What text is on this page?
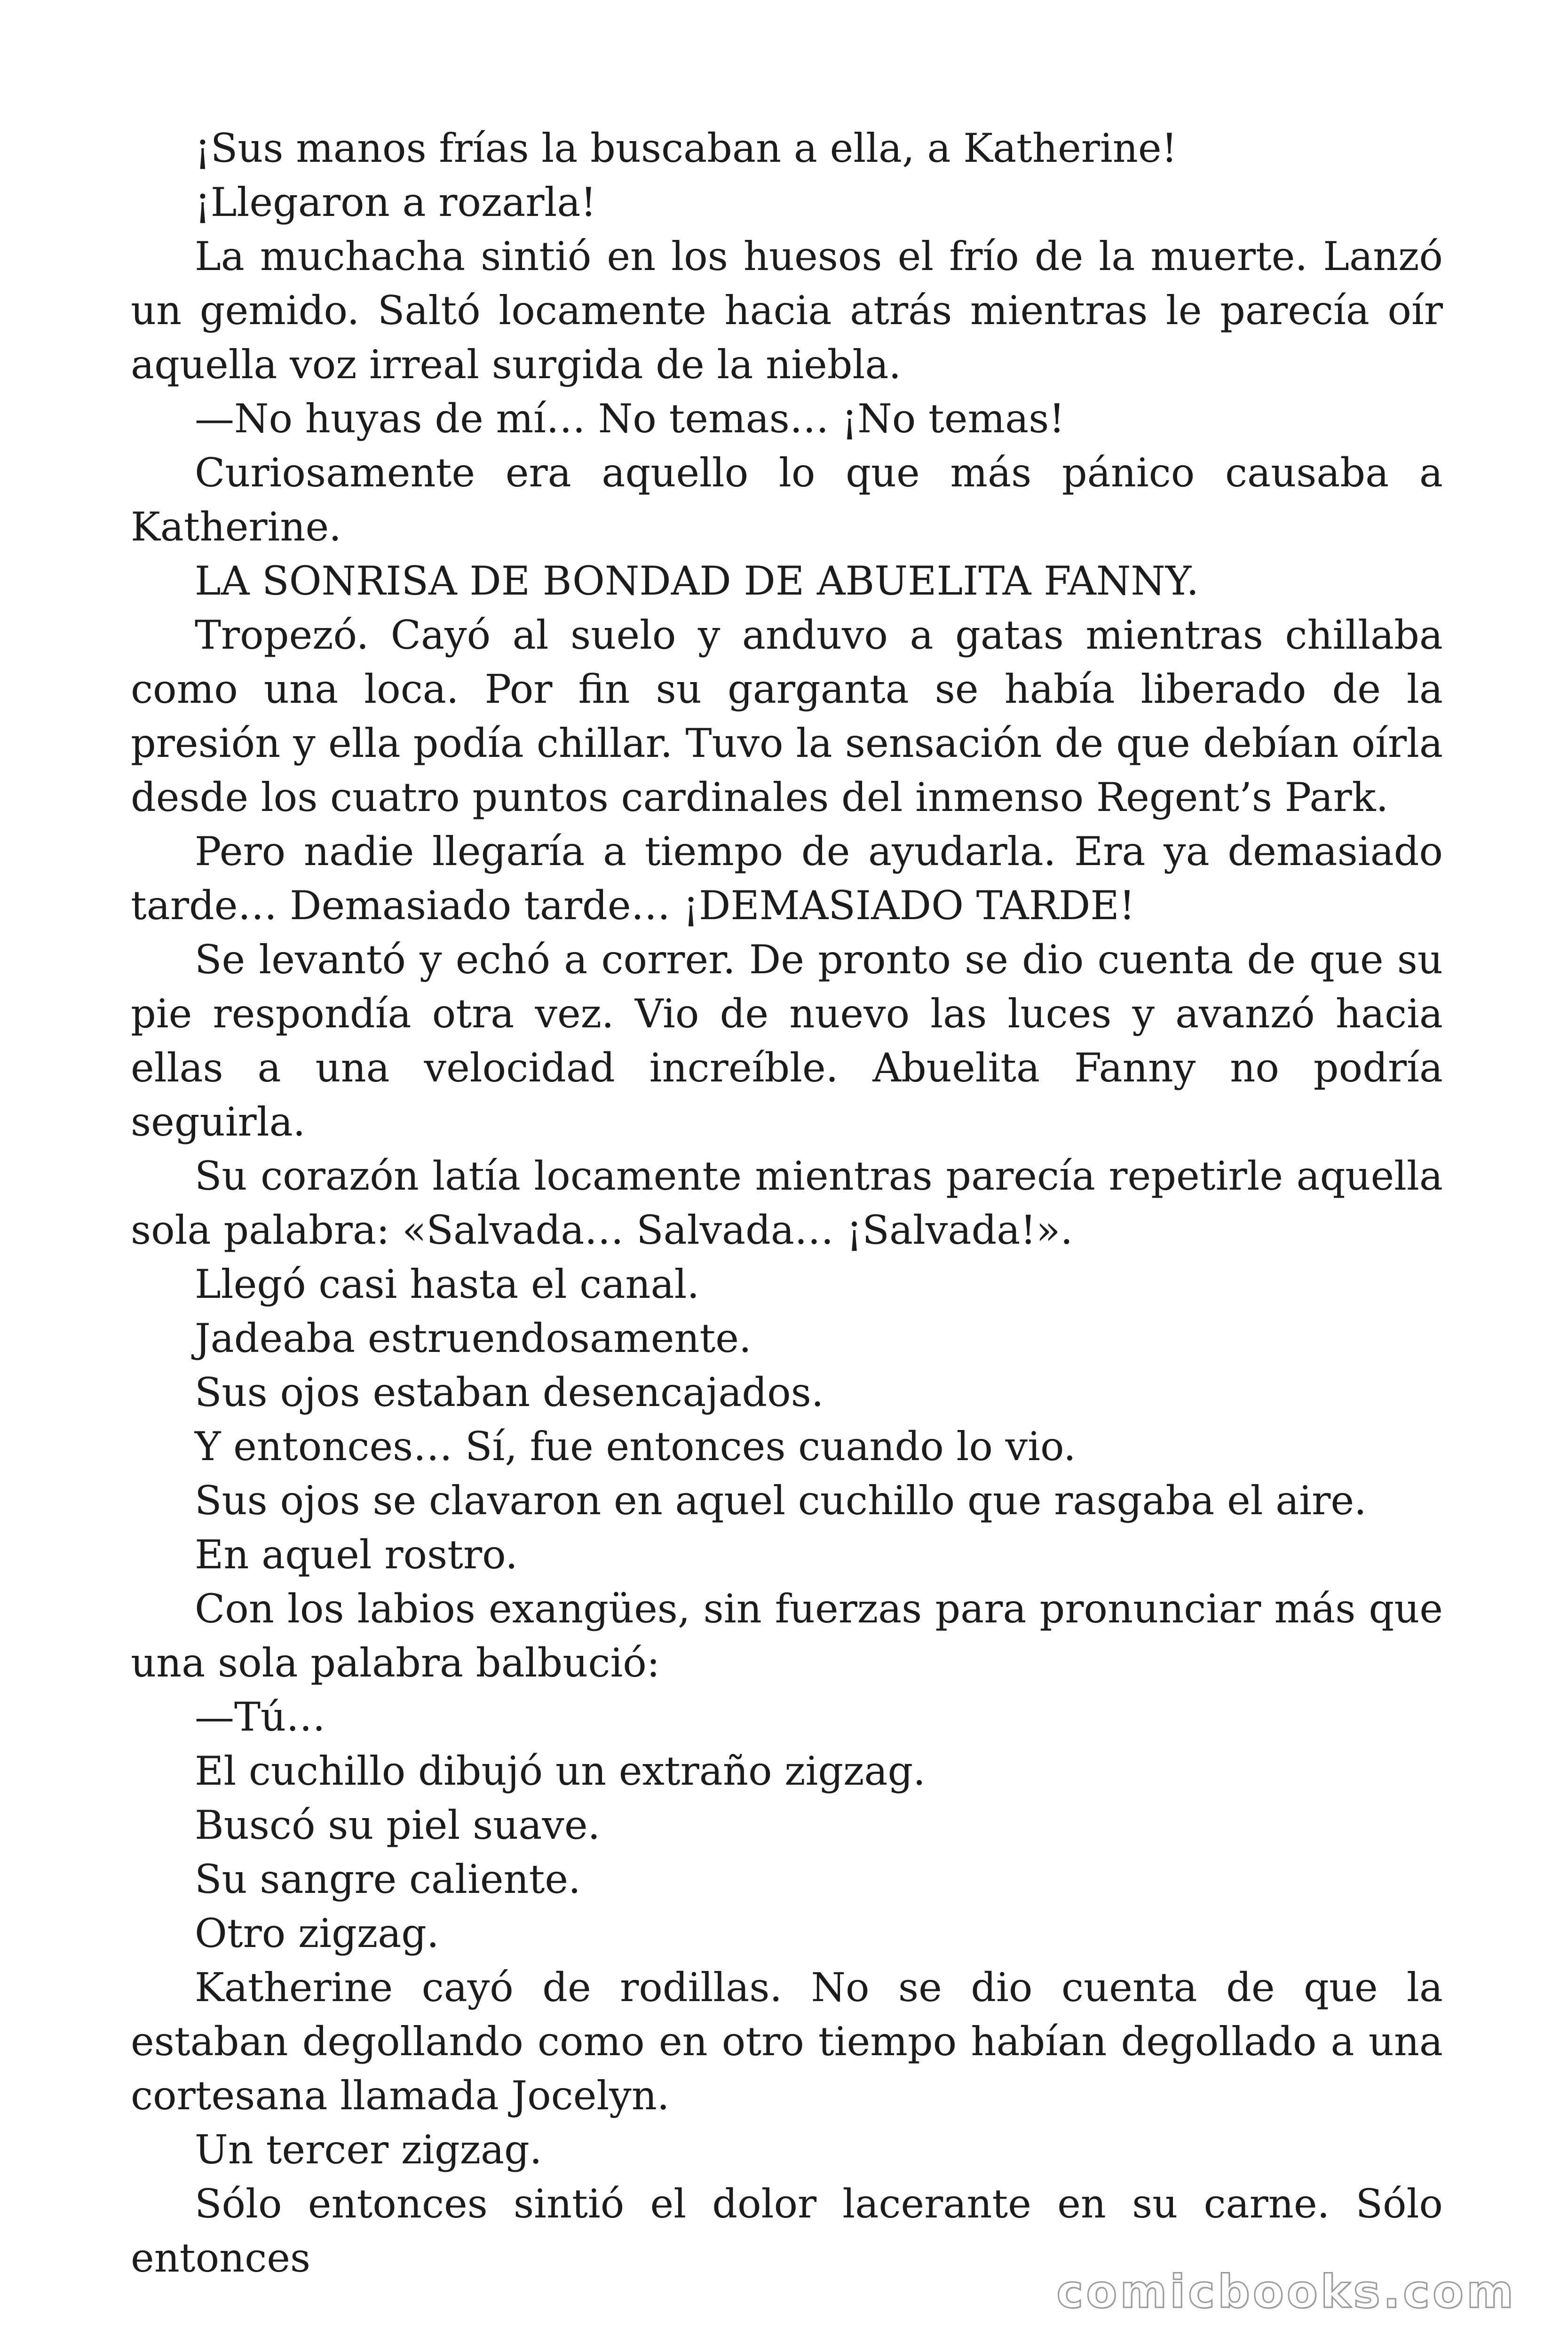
¡Sus manos frías la buscaban a ella, a Katherine!

¡Llegaron a rozarla!

La muchacha sintió en los huesos el frío de la muerte. Lanzó un gemido. Saltó locamente hacia atrás mientras le parecía oír aquella voz irreal surgida de la niebla.

—No huyas de mí… No temas… ¡No temas!

Curiosamente era aquello lo que más pánico causaba a Katherine.

LA SONRISA DE BONDAD DE ABUELITA FANNY.

Tropezó. Cayó al suelo y anduvo a gatas mientras chillaba como una loca. Por fin su garganta se había liberado de la presión y ella podía chillar. Tuvo la sensación de que debían oírla desde los cuatro puntos cardinales del inmenso Regent’s Park.

Pero nadie llegaría a tiempo de ayudarla. Era ya demasiado tarde… Demasiado tarde… ¡DEMASIADO TARDE!

Se levantó y echó a correr. De pronto se dio cuenta de que su pie respondía otra vez. Vio de nuevo las luces y avanzó hacia ellas a una velocidad increíble. Abuelita Fanny no podría seguirla.

Su corazón latía locamente mientras parecía repetirle aquella sola palabra: «Salvada… Salvada… ¡Salvada!».

Llegó casi hasta el canal.

Jadeaba estruendosamente.

Sus ojos estaban desencajados.

Y entonces… Sí, fue entonces cuando lo vio.

Sus ojos se clavaron en aquel cuchillo que rasgaba el aire.

En aquel rostro.

Con los labios exangües, sin fuerzas para pronunciar más que una sola palabra balbució:

—Tú…

El cuchillo dibujó un extraño zigzag.

Buscó su piel suave.

Su sangre caliente.

Otro zigzag.

Katherine cayó de rodillas. No se dio cuenta de que la estaban degollando como en otro tiempo habían degollado a una cortesana llamada Jocelyn.

Un tercer zigzag.

Sólo entonces sintió el dolor lacerante en su carne. Sólo entonces

comicbooks.com
